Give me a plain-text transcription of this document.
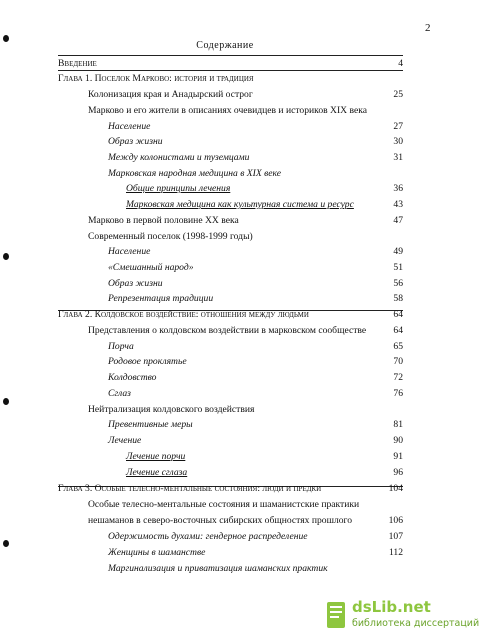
2
Содержание
Введение	4
Глава 1. Поселок Марково: история и традиция
Колонизация края и Анадырский острог	25
Марково и его жители в описаниях очевидцев и историков XIX века
Население	27
Образ жизни	30
Между колонистами и туземцами	31
Марковская народная медицина в XIX веке
Общие принципы лечения	36
Марковская медицина как культурная система и ресурс	43
Марково в первой половине XX века	47
Современный поселок (1998-1999 годы)
Население	49
«Смешанный народ»	51
Образ жизни	56
Репрезентация традиции	58
Глава 2. Колдовское воздействие: отношения между людьми	64
Представления о колдовском воздействии в марковском сообществе	64
Порча	65
Родовое проклятье	70
Колдовство	72
Сглаз	76
Нейтрализация колдовского воздействия
Превентивные меры	81
Лечение	90
Лечение порчи	91
Лечение сглаза	96
Глава 3. Особые телесно-ментальные состояния: люди и предки	104
Особые телесно-ментальные состояния и шаманистские практики
нешаманов в северо-восточных сибирских общностях прошлого	106
Одержимость духами: гендерное распределение	107
Женщины в шаманстве	112
Маргинализация и приватизация шаманских практик
dsLib.net
библиотека диссертаций
